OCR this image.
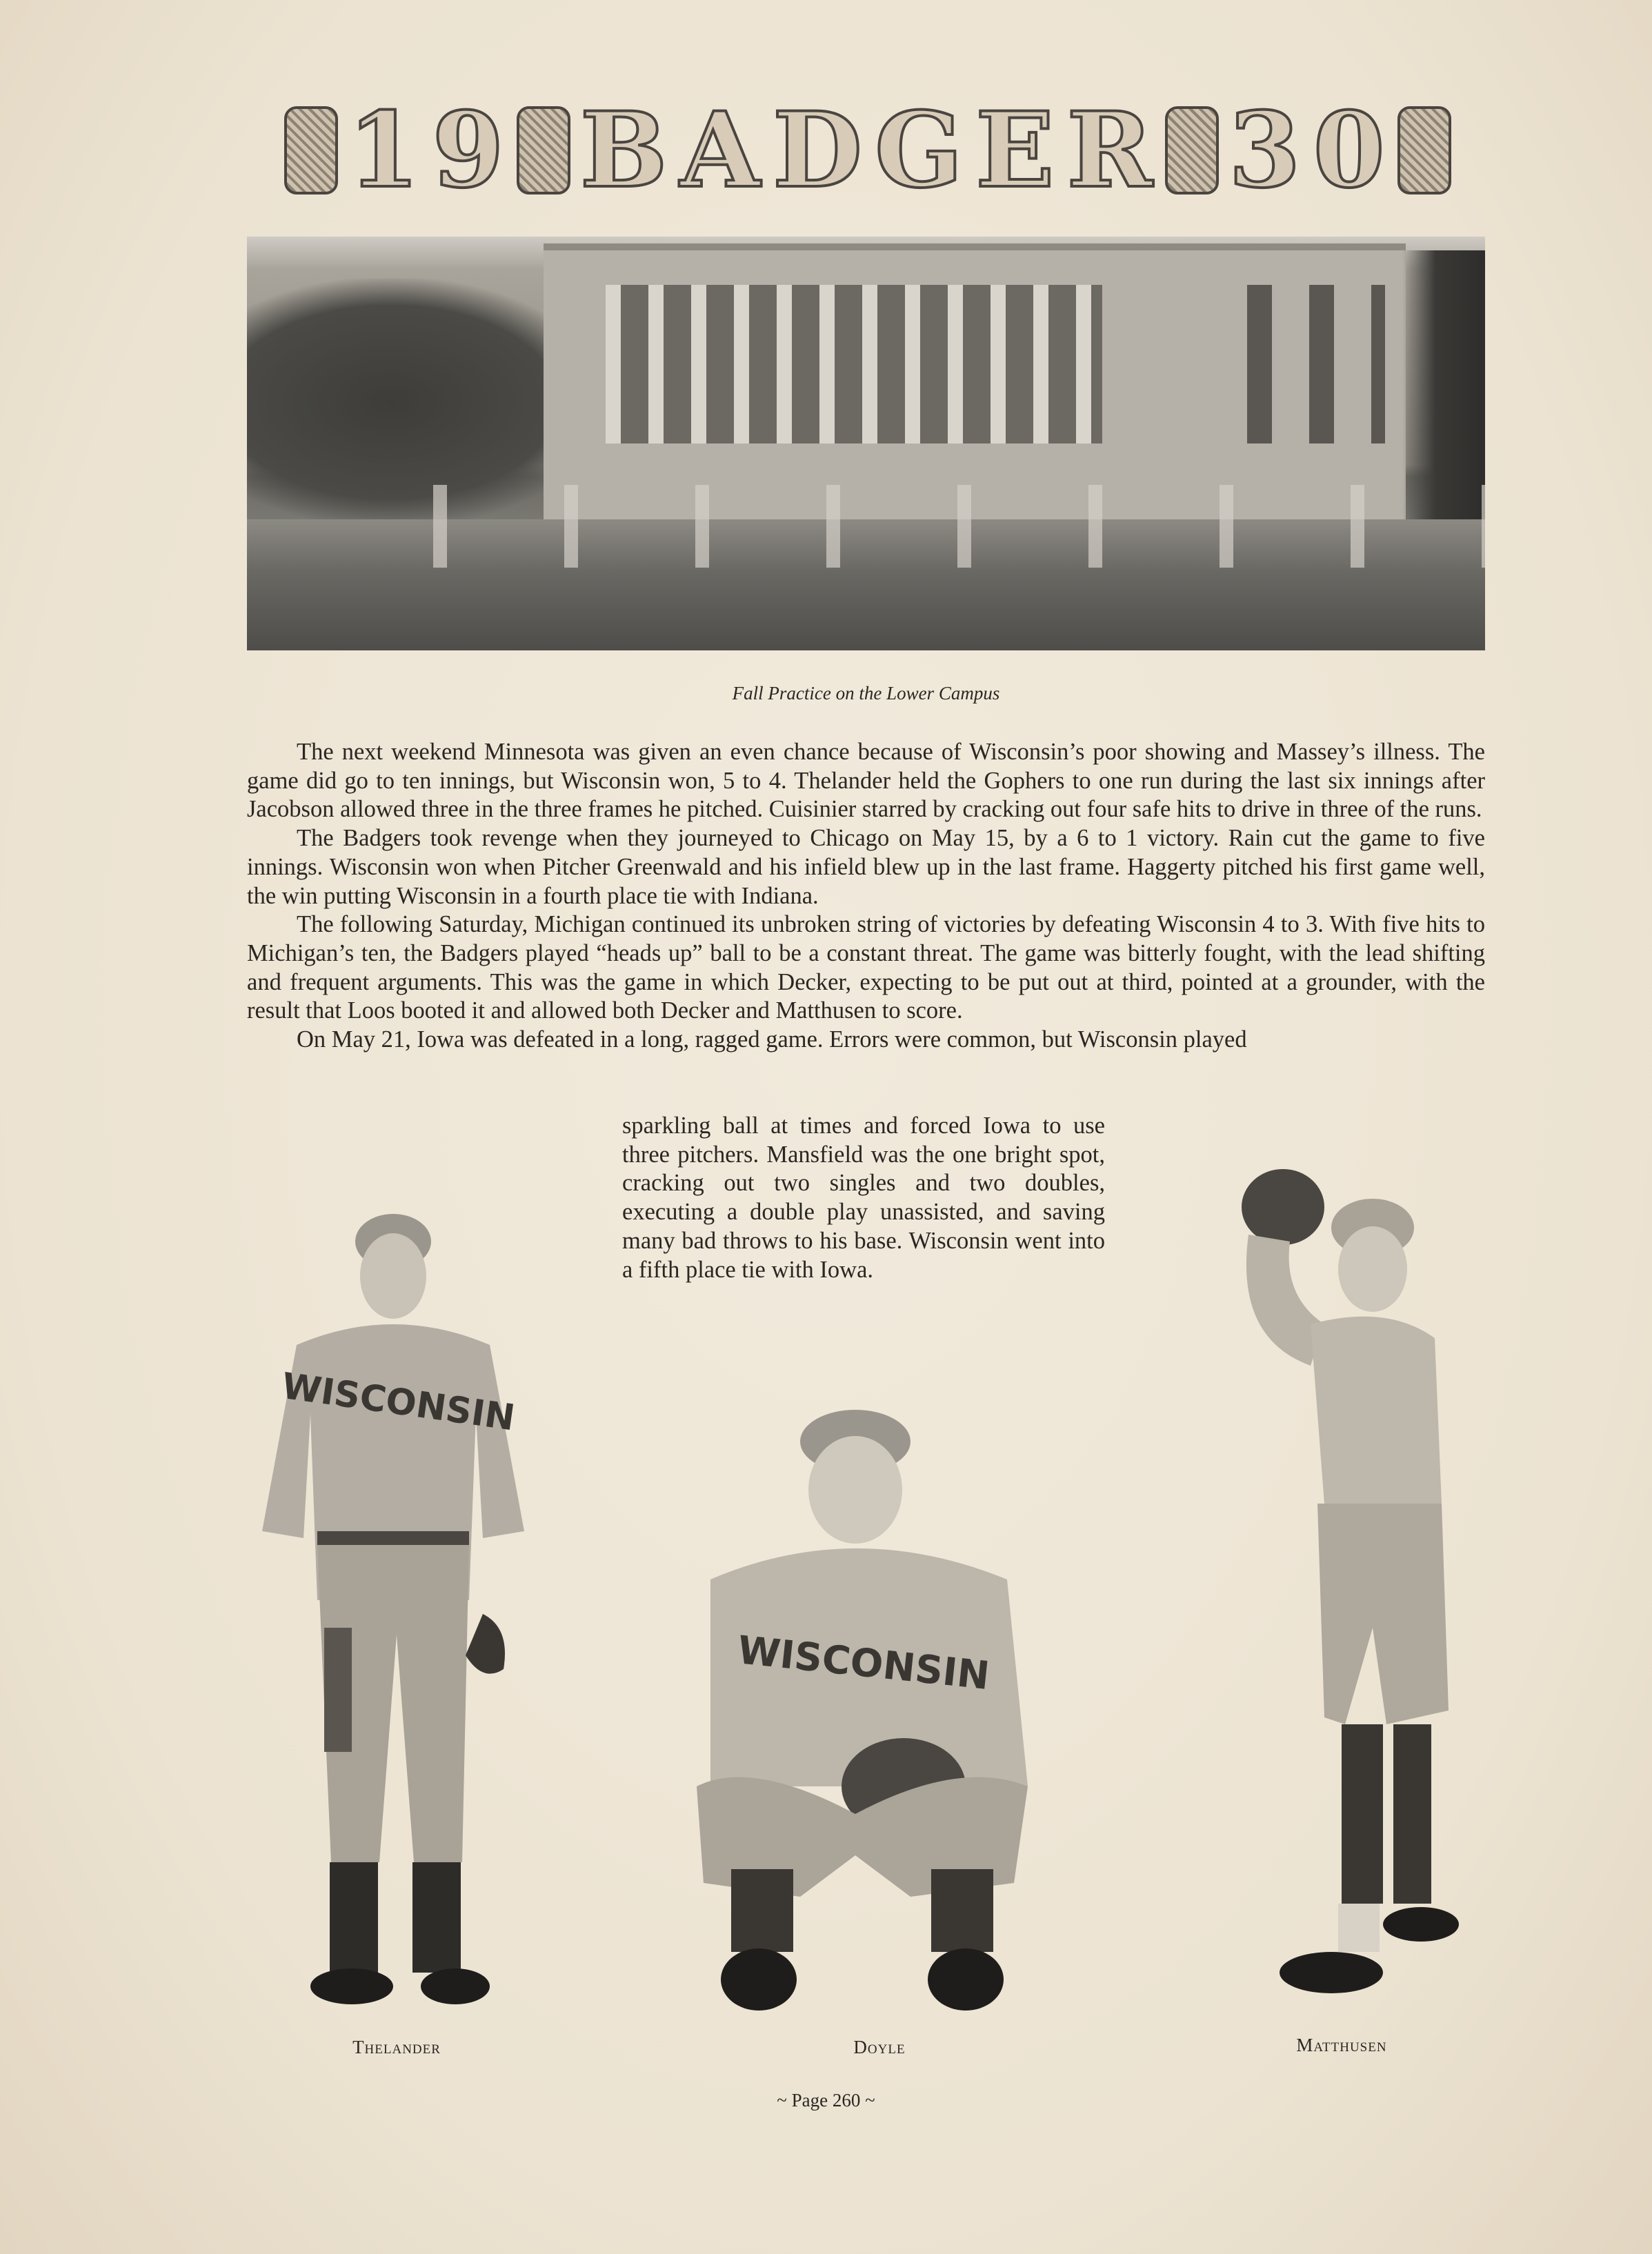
1 9 B A D G E R 3 0
Fall Practice on the Lower Campus

The next weekend Minnesota was given an even chance because of Wisconsin’s poor showing and Massey’s illness. The game did go to ten innings, but Wisconsin won, 5 to 4. Thelander held the Gophers to one run during the last six innings after Jacobson allowed three in the three frames he pitched. Cuisinier starred by cracking out four safe hits to drive in three of the runs.

The Badgers took revenge when they journeyed to Chicago on May 15, by a 6 to 1 victory. Rain cut the game to five innings. Wisconsin won when Pitcher Greenwald and his infield blew up in the last frame. Haggerty pitched his first game well, the win putting Wisconsin in a fourth place tie with Indiana.

The following Saturday, Michigan continued its unbroken string of victories by defeating Wisconsin 4 to 3. With five hits to Michigan’s ten, the Badgers played “heads up” ball to be a constant threat. The game was bitterly fought, with the lead shifting and frequent arguments. This was the game in which Decker, expecting to be put out at third, pointed at a grounder, with the result that Loos booted it and allowed both Decker and Matthusen to score.

On May 21, Iowa was defeated in a long, ragged game. Errors were common, but Wisconsin played

sparkling ball at times and forced Iowa to use three pitchers. Mansfield was the one bright spot, cracking out two singles and two doubles, executing a double play unassisted, and saving many bad throws to his base. Wisconsin went into a fifth place tie with Iowa.
WISCONSIN
Thelander
WISCONSIN
Doyle	Matthusen
~ Page 260 ~
